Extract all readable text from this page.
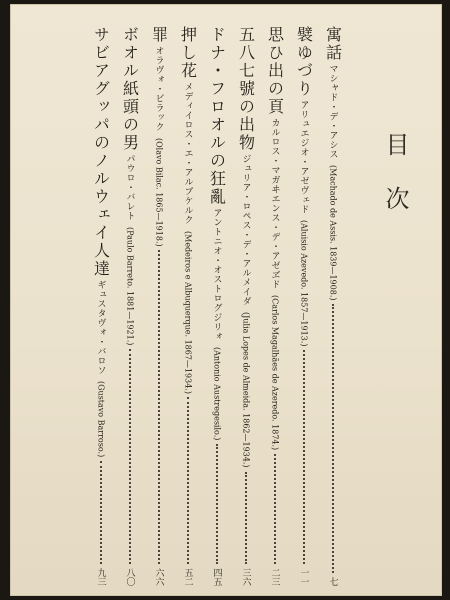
目次
寓話
マシャド・デ・アシス
(Machado de Assis. 1839—1908.)
七
襞ゆづり
アリュエジオ・アゼヴェド
(Aluisio Azevedo. 1857—1913.)
一一
思ひ出の頁
カルロス・マガヰエンス・デ・アゼヹド
(Carlos Magalhães de Azeredo. 1874.)
二三
五八七號の出物
ジュリア・ロペス・デ・アルメイダ
(Julia Lopes de Almeida. 1862—1934.)
三六
ドナ・フロオルの狂亂
アントニオ・オストログジリォ
(Antonio Austregesilo.)
四五
押し花
メディイロス・エ・アルブケルク
(Medeiros e Albuquerque. 1867—1934.)
五二
罪
オラヴォ・ビラック
(Olavo Bilac. 1865—1918.)
六六
ボオル紙頭の男
パウロ・バレト
(Paulo Barreto. 1881—1921.)
八〇
サビアグッパのノルウェイ人達
ギュスタヴォ・バロソ
(Gustavo Barroso.)
九三
